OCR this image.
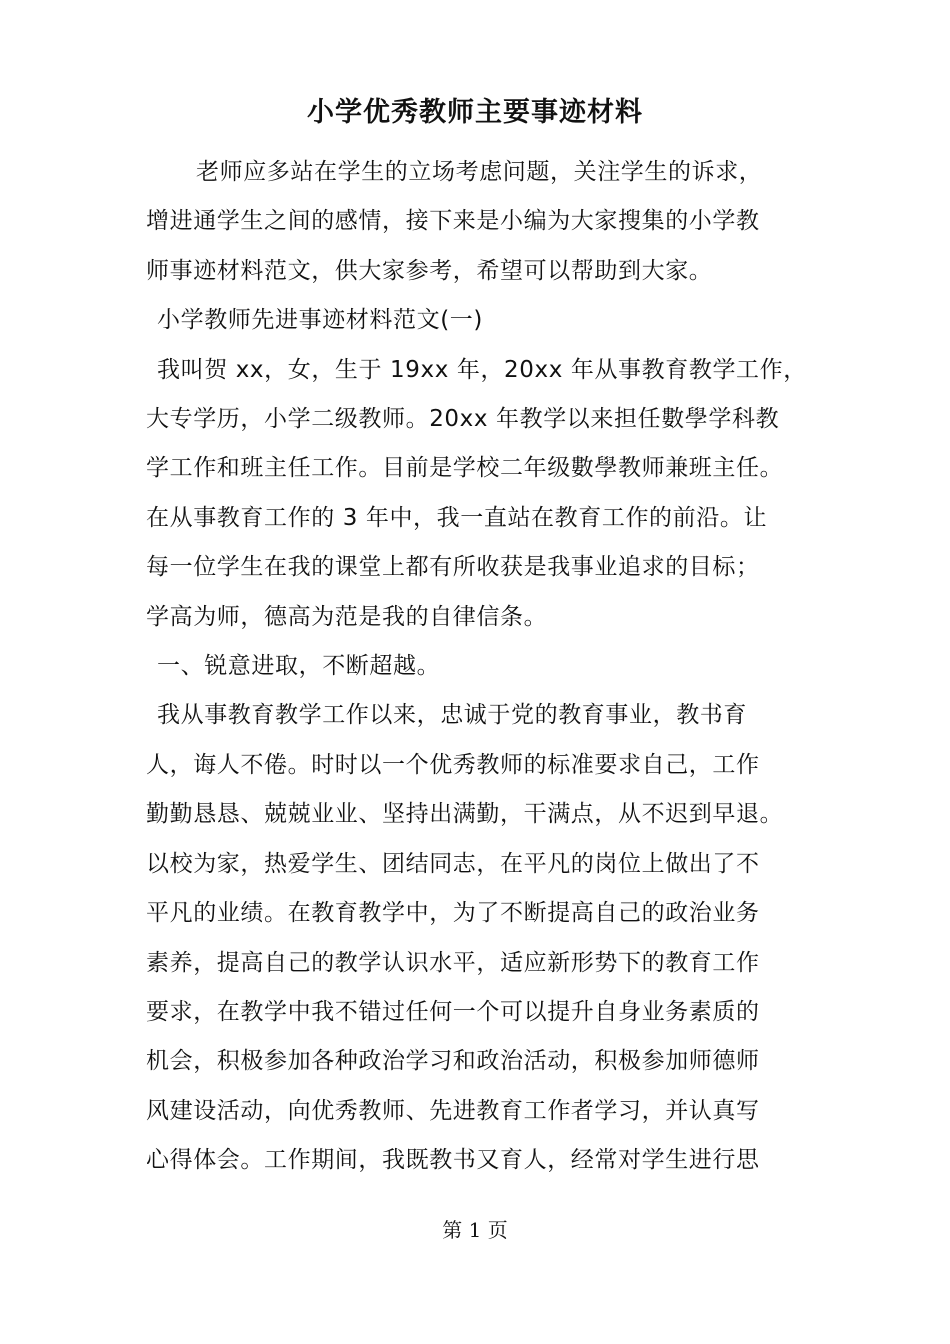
小学优秀教师主要事迹材料
老师应多站在学生的立场考虑问题，关注学生的诉求，
增进通学生之间的感情，接下来是小编为大家搜集的小学教
师事迹材料范文，供大家参考，希望可以帮助到大家。
小学教师先进事迹材料范文(一)
我叫贺 xx，女，生于 19xx 年，20xx 年从事教育教学工作，
大专学历，小学二级教师。20xx 年教学以来担任數學学科教
学工作和班主任工作。目前是学校二年级數學教师兼班主任。
在从事教育工作的 3 年中，我一直站在教育工作的前沿。让
每一位学生在我的课堂上都有所收获是我事业追求的目标；
学高为师，德高为范是我的自律信条。
一、锐意进取，不断超越。
我从事教育教学工作以来，忠诚于党的教育事业，教书育
人，诲人不倦。时时以一个优秀教师的标准要求自己，工作
勤勤恳恳、兢兢业业、坚持出满勤，干满点，从不迟到早退。
以校为家，热爱学生、团结同志，在平凡的岗位上做出了不
平凡的业绩。在教育教学中，为了不断提高自己的政治业务
素养，提高自己的教学认识水平，适应新形势下的教育工作
要求，在教学中我不错过任何一个可以提升自身业务素质的
机会，积极参加各种政治学习和政治活动，积极参加师德师
风建设活动，向优秀教师、先进教育工作者学习，并认真写
心得体会。工作期间，我既教书又育人，经常对学生进行思
第 1 页
